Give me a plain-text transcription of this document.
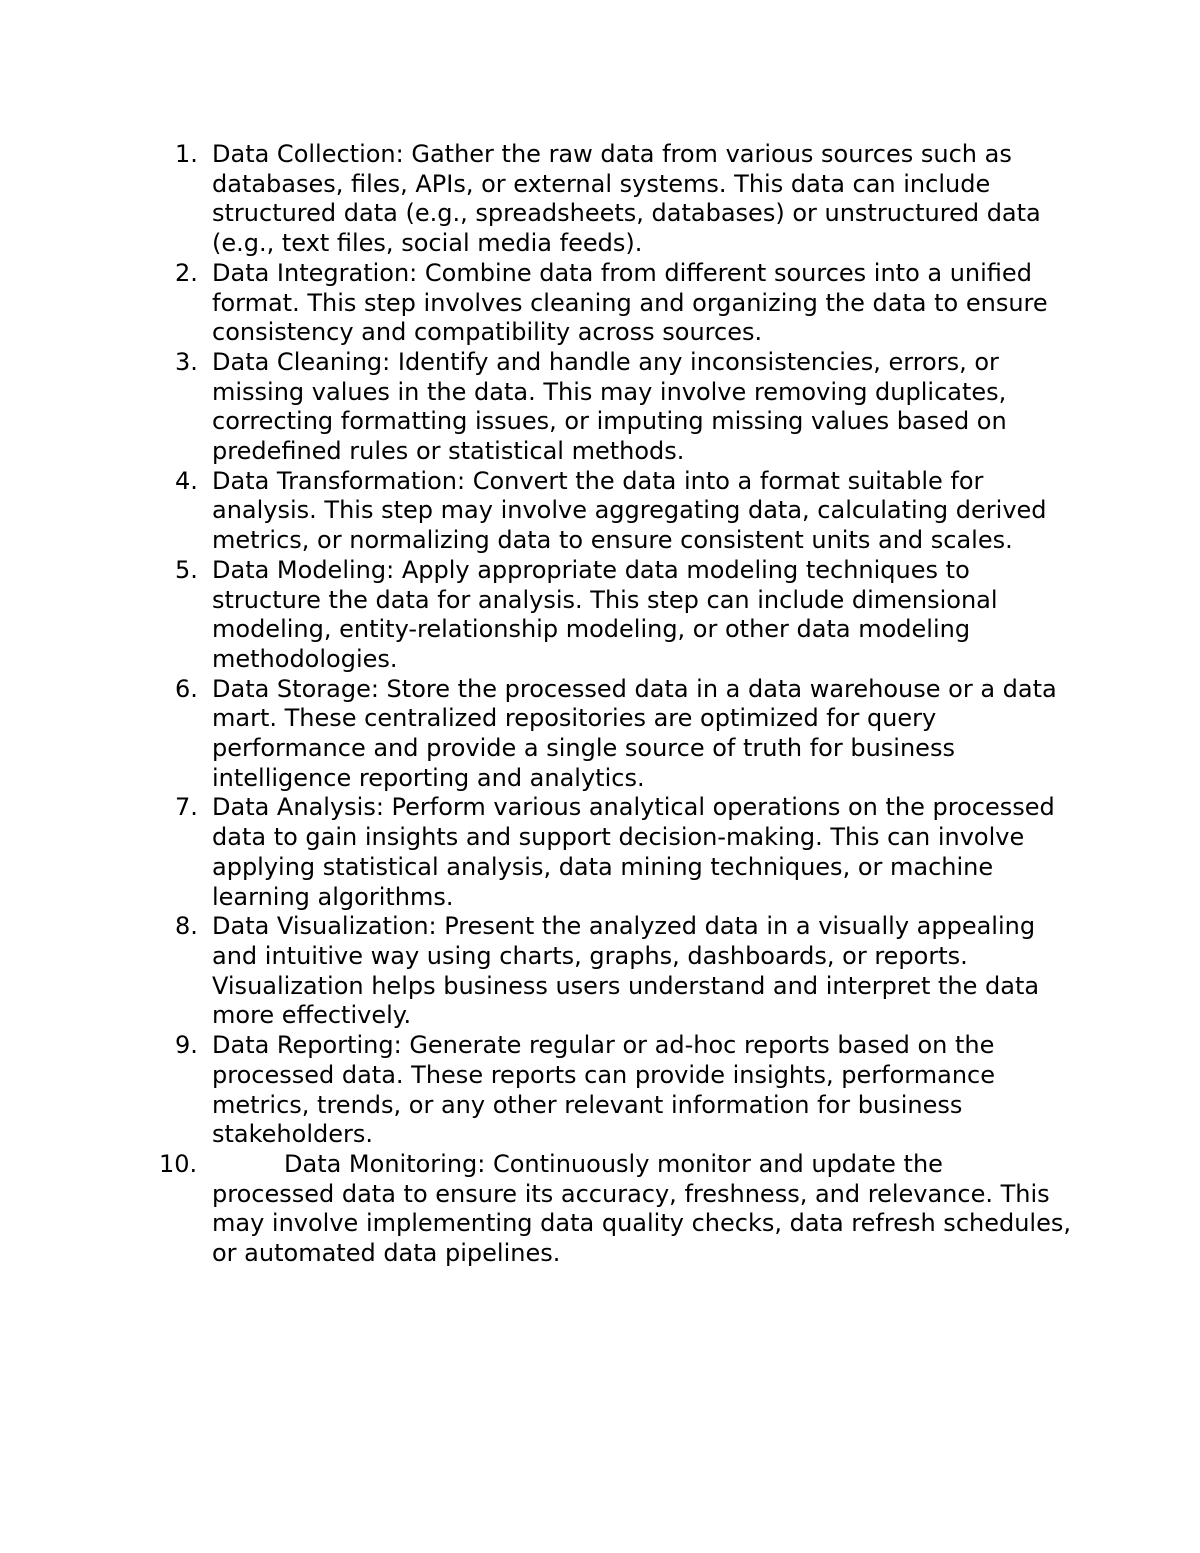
1. Data Collection: Gather the raw data from various sources such as databases, files, APIs, or external systems. This data can include structured data (e.g., spreadsheets, databases) or unstructured data (e.g., text files, social media feeds).
2. Data Integration: Combine data from different sources into a unified format. This step involves cleaning and organizing the data to ensure consistency and compatibility across sources.
3. Data Cleaning: Identify and handle any inconsistencies, errors, or missing values in the data. This may involve removing duplicates, correcting formatting issues, or imputing missing values based on predefined rules or statistical methods.
4. Data Transformation: Convert the data into a format suitable for analysis. This step may involve aggregating data, calculating derived metrics, or normalizing data to ensure consistent units and scales.
5. Data Modeling: Apply appropriate data modeling techniques to structure the data for analysis. This step can include dimensional modeling, entity-relationship modeling, or other data modeling methodologies.
6. Data Storage: Store the processed data in a data warehouse or a data mart. These centralized repositories are optimized for query performance and provide a single source of truth for business intelligence reporting and analytics.
7. Data Analysis: Perform various analytical operations on the processed data to gain insights and support decision-making. This can involve applying statistical analysis, data mining techniques, or machine learning algorithms.
8. Data Visualization: Present the analyzed data in a visually appealing and intuitive way using charts, graphs, dashboards, or reports. Visualization helps business users understand and interpret the data more effectively.
9. Data Reporting: Generate regular or ad-hoc reports based on the processed data. These reports can provide insights, performance metrics, trends, or any other relevant information for business stakeholders.
10.	Data Monitoring: Continuously monitor and update the processed data to ensure its accuracy, freshness, and relevance. This may involve implementing data quality checks, data refresh schedules, or automated data pipelines.
